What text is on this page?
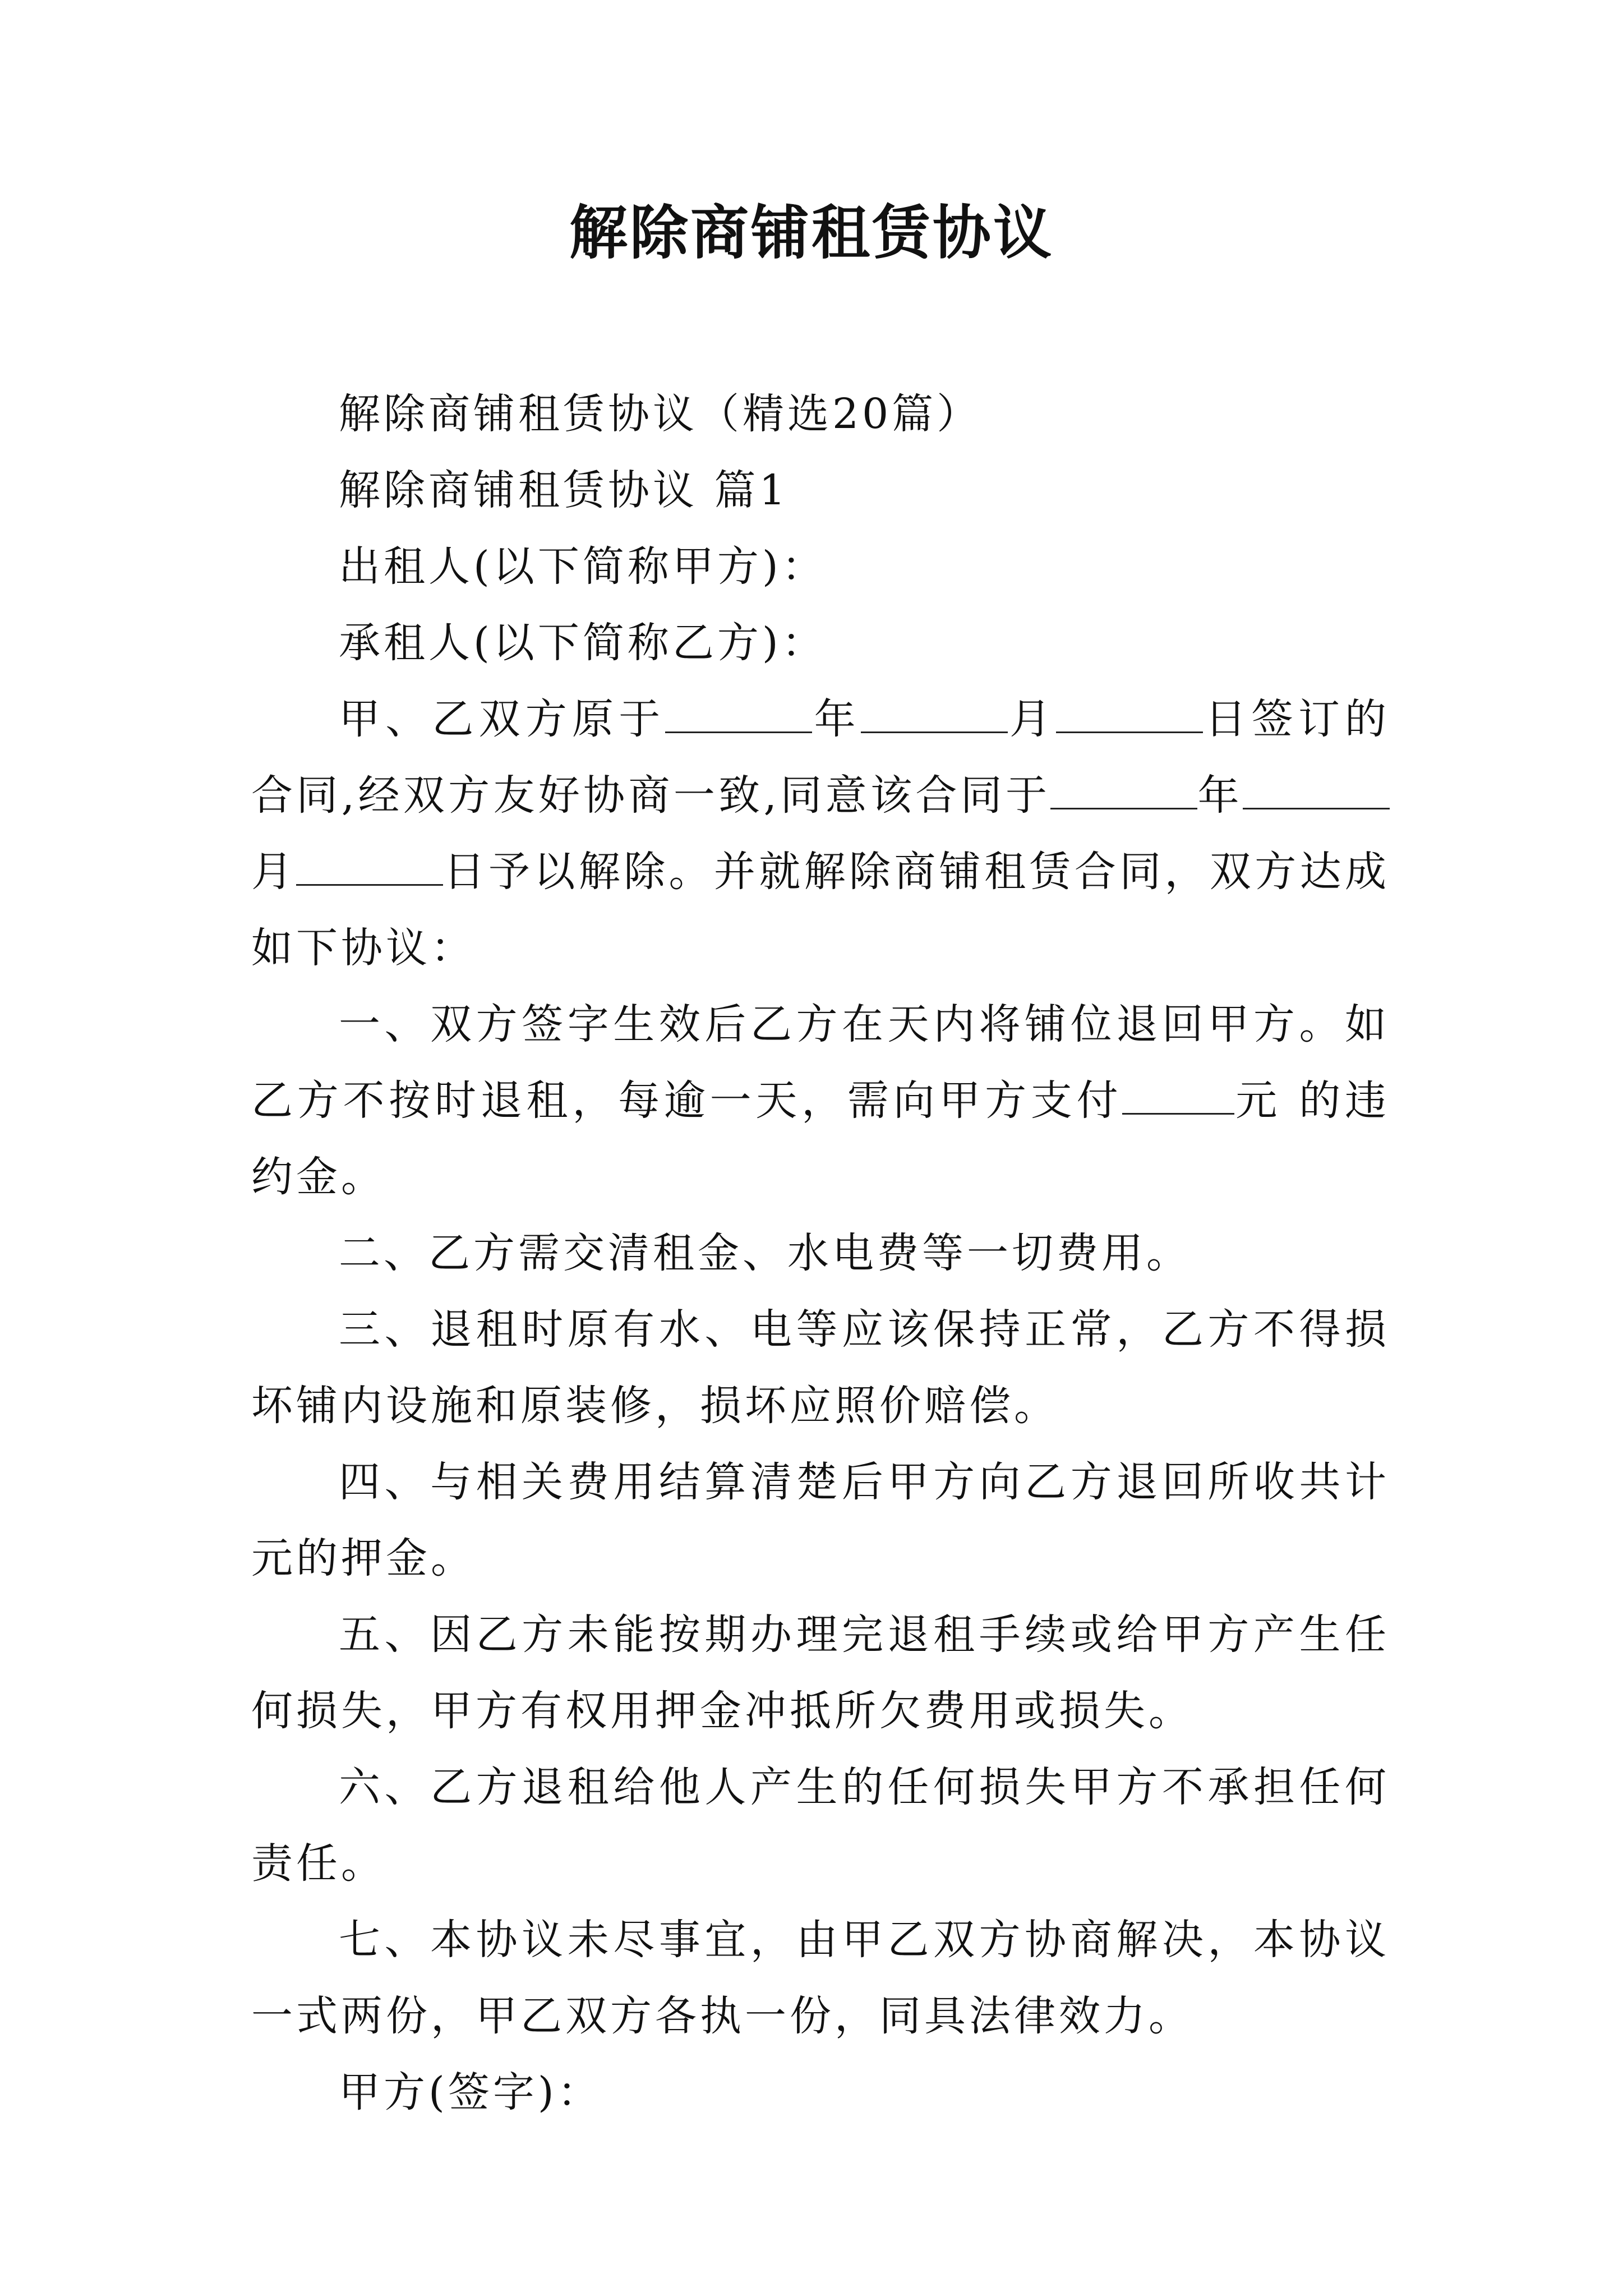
解除商铺租赁协议

解除商铺租赁协议（精选20篇）

解除商铺租赁协议 篇1

出租人(以下简称甲方)：

承租人(以下简称乙方)：

甲、乙双方原于	年	月	日签订的合同,经双方友好协商一致,同意该合同于	年月	日予以解除。并就解除商铺租赁合同，双方达成如下协议：

一、双方签字生效后乙方在天内将铺位退回甲方。如乙方不按时退租，每逾一天，需向甲方支付	元 的违约金。

二、乙方需交清租金、水电费等一切费用。

三、退租时原有水、电等应该保持正常，乙方不得损坏铺内设施和原装修，损坏应照价赔偿。

四、与相关费用结算清楚后甲方向乙方退回所收共计元的押金。

五、因乙方未能按期办理完退租手续或给甲方产生任何损失，甲方有权用押金冲抵所欠费用或损失。

六、乙方退租给他人产生的任何损失甲方不承担任何责任。

七、本协议未尽事宜，由甲乙双方协商解决，本协议一式两份，甲乙双方各执一份，同具法律效力。

甲方(签字)：
